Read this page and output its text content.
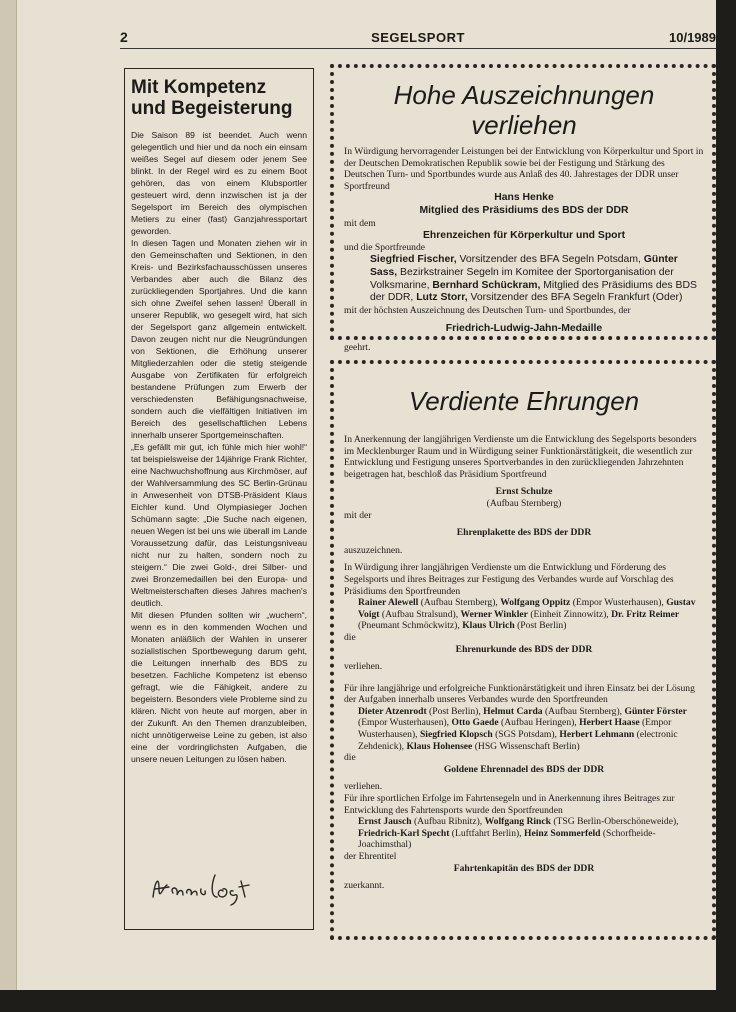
2	SEGELSPORT	10/1989
Mit Kompetenz
und Begeisterung

Die Saison 89 ist beendet. Auch wenn gelegentlich und hier und da noch ein einsam weißes Segel auf diesem oder jenem See blinkt. In der Regel wird es zu einem Boot gehören, das von einem Klubsportler gesteuert wird, denn inzwischen ist ja der Segelsport im Bereich des olympischen Metiers zu einer (fast) Ganzjahressportart geworden.

In diesen Tagen und Monaten ziehen wir in den Gemeinschaften und Sektionen, in den Kreis- und Bezirksfachausschüssen unseres Verbandes aber auch die Bilanz des zurückliegenden Sportjahres. Und die kann sich ohne Zweifel sehen lassen! Überall in unserer Republik, wo gesegelt wird, hat sich der Segelsport ganz allgemein entwickelt. Davon zeugen nicht nur die Neugründungen von Sektionen, die Erhöhung unserer Mitgliederzahlen oder die stetig steigende Ausgabe von Zertifikaten für erfolgreich bestandene Prüfungen zum Erwerb der verschiedensten Befähigungsnachweise, sondern auch die vielfältigen Initiativen im Bereich des gesellschaftlichen Lebens innerhalb unserer Sportgemeinschaften.

„Es gefällt mir gut, ich fühle mich hier wohl!“ tat beispielsweise der 14jährige Frank Richter, eine Nachwuchshoffnung aus Kirchmöser, auf der Wahlversammlung des SC Berlin-Grünau in Anwesenheit von DTSB-Präsident Klaus Eichler kund. Und Olympiasieger Jochen Schümann sagte: „Die Suche nach eigenen, neuen Wegen ist bei uns wie überall im Lande Voraussetzung dafür, das Leistungsniveau nicht nur zu halten, sondern noch zu steigern.“ Die zwei Gold-, drei Silber- und zwei Bronzemedaillen bei den Europa- und Weltmeisterschaften dieses Jahres machen's deutlich.

Mit diesen Pfunden sollten wir „wuchern“, wenn es in den kommenden Wochen und Monaten anläßlich der Wahlen in unserer sozialistischen Sportbewegung darum geht, die Leitungen innerhalb des BDS zu besetzen. Fachliche Kompetenz ist ebenso gefragt, wie die Fähigkeit, andere zu begeistern. Besonders viele Probleme sind zu klären. Nicht von heute auf morgen, aber in der Zukunft. An den Themen dranzubleiben, nicht unnötigerweise Leine zu geben, ist also eine der vordringlichsten Aufgaben, die unsere neuen Leitungen zu lösen haben.

Hohe Auszeichnungen verliehen
In Würdigung hervorragender Leistungen bei der Entwicklung von Körperkultur und Sport in der Deutschen Demokratischen Republik sowie bei der Festigung und Stärkung des Deutschen Turn- und Sportbundes wurde aus Anlaß des 40. Jahrestages der DDR unser Sportfreund
Hans Henke
Mitglied des Präsidiums des BDS der DDR
mit dem
Ehrenzeichen für Körperkultur und Sport
und die Sportfreunde
Siegfried Fischer, Vorsitzender des BFA Segeln Potsdam, Günter Sass, Bezirkstrainer Segeln im Komitee der Sportorganisation der Volksmarine, Bernhard Schückram, Mitglied des Präsidiums des BDS der DDR, Lutz Storr, Vorsitzender des BFA Segeln Frankfurt (Oder)
mit der höchsten Auszeichnung des Deutschen Turn- und Sportbundes, der
Friedrich-Ludwig-Jahn-Medaille
geehrt.
Verdiente Ehrungen
In Anerkennung der langjährigen Verdienste um die Entwicklung des Segelsports besonders im Mecklenburger Raum und in Würdigung seiner Funktionärstätigkeit, die wesentlich zur Entwicklung und Festigung unseres Sportverbandes in den zurückliegenden Jahrzehnten beigetragen hat, beschloß das Präsidium Sportfreund
Ernst Schulze
(Aufbau Sternberg)
mit der
Ehrenplakette des BDS der DDR
auszuzeichnen.
In Würdigung ihrer langjährigen Verdienste um die Entwicklung und Förderung des Segelsports und ihres Beitrages zur Festigung des Verbandes wurde auf Vorschlag des Präsidiums den Sportfreunden
Rainer Alewell (Aufbau Sternberg), Wolfgang Oppitz (Empor Wusterhausen), Gustav Voigt (Aufbau Stralsund), Werner Winkler (Einheit Zinnowitz), Dr. Fritz Reimer (Pneumant Schmöckwitz), Klaus Ulrich (Post Berlin)
die
Ehrenurkunde des BDS der DDR
verliehen.
Für ihre langjährige und erfolgreiche Funktionärstätigkeit und ihren Einsatz bei der Lösung der Aufgaben innerhalb unseres Verbandes wurde den Sportfreunden
Dieter Atzenrodt (Post Berlin), Helmut Carda (Aufbau Sternberg), Günter Förster (Empor Wusterhausen), Otto Gaede (Aufbau Heringen), Herbert Haase (Empor Wusterhausen), Siegfried Klopsch (SGS Potsdam), Herbert Lehmann (electronic Zehdenick), Klaus Hohensee (HSG Wissenschaft Berlin)
die
Goldene Ehrennadel des BDS der DDR
verliehen.
Für ihre sportlichen Erfolge im Fahrtensegeln und in Anerkennung ihres Beitrages zur Entwicklung des Fahrtensports wurde den Sportfreunden
Ernst Jausch (Aufbau Ribnitz), Wolfgang Rinck (TSG Berlin-Oberschöneweide), Friedrich-Karl Specht (Luftfahrt Berlin), Heinz Sommerfeld (Schorfheide-Joachimsthal)
der Ehrentitel
Fahrtenkapitän des BDS der DDR
zuerkannt.
